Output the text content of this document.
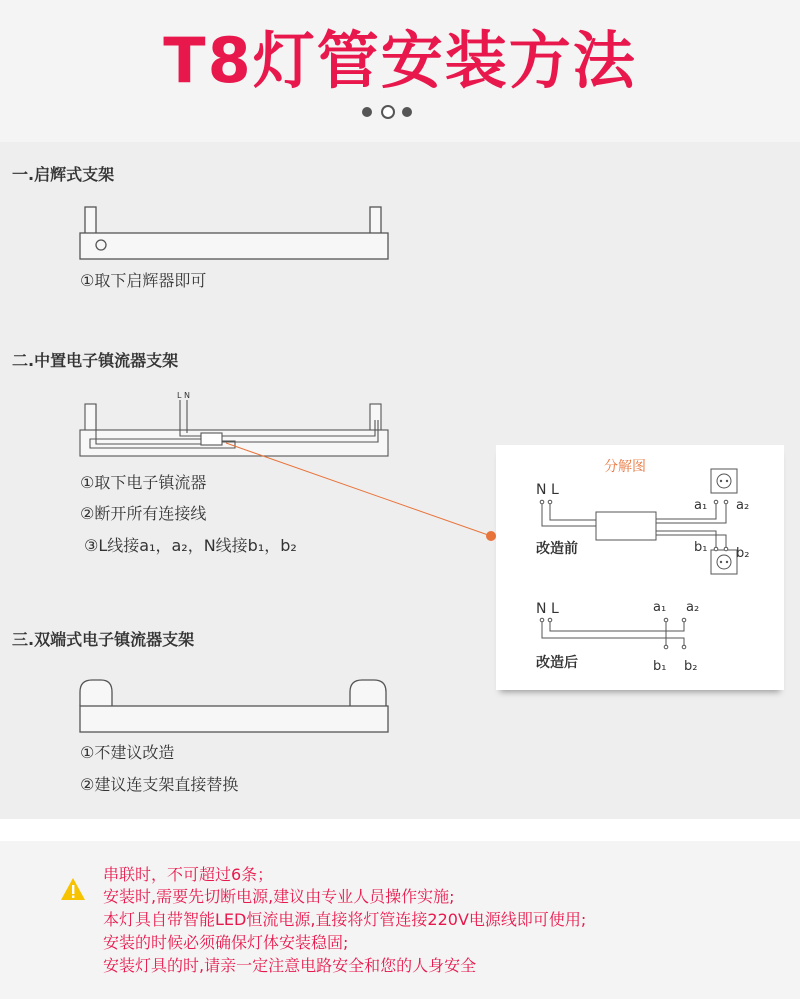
T8灯管安装方法
一.启辉式支架
二.中置电子镇流器支架
三.双端式电子镇流器支架
①取下启辉器即可
①取下电子镇流器
②断开所有连接线
③L线接a₁，a₂，N线接b₁，b₂
①不建议改造
②建议连支架直接替换
L N
分解图
N L
a₁ a₂
b₁ b₂
改造前
N L	a₁ a₂
b₁ b₂
改造后
串联时，不可超过6条；
安装时,需要先切断电源,建议由专业人员操作实施;
本灯具自带智能LED恒流电源,直接将灯管连接220V电源线即可使用;
安装的时候必须确保灯体安装稳固;
安装灯具的时,请亲一定注意电路安全和您的人身安全
